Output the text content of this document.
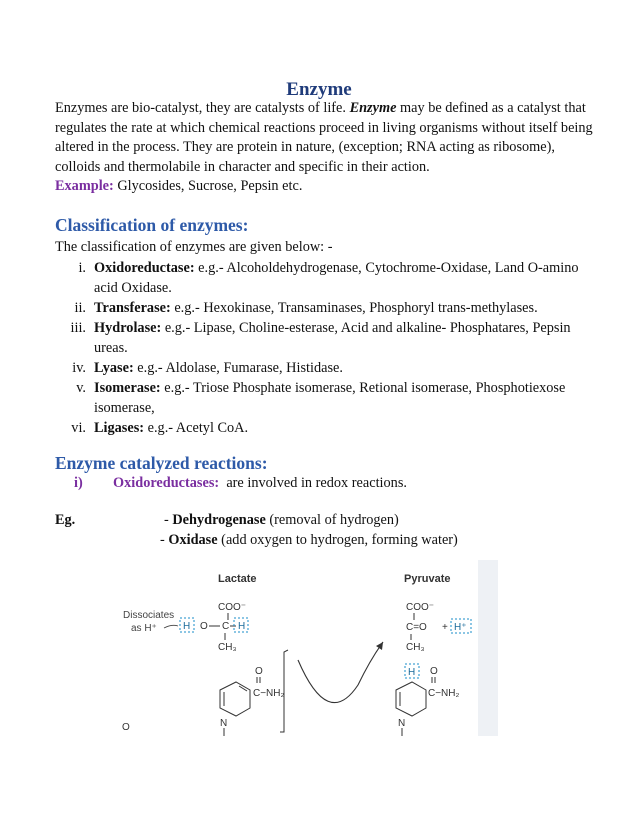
Enzyme
Enzymes are bio-catalyst, they are catalysts of life. Enzyme may be defined as a catalyst that regulates the rate at which chemical reactions proceed in living organisms without itself being altered in the process. They are protein in nature, (exception; RNA acting as ribosome), colloids and thermolabile in character and specific in their action.
Example: Glycosides, Sucrose, Pepsin etc.
Classification of enzymes:
The classification of enzymes are given below: -
i. Oxidoreductase: e.g.- Alcoholdehydrogenase, Cytochrome-Oxidase, Land O-amino acid Oxidase.
ii. Transferase: e.g.- Hexokinase, Transaminases, Phosphoryl trans-methylases.
iii. Hydrolase: e.g.- Lipase, Choline-esterase, Acid and alkaline- Phosphatares, Pepsin ureas.
iv. Lyase: e.g.- Aldolase, Fumarase, Histidase.
v. Isomerase: e.g.- Triose Phosphate isomerase, Retional isomerase, Phosphotiexose isomerase,
vi. Ligases: e.g.- Acetyl CoA.
Enzyme catalyzed reactions:
i) Oxidoreductases: are involved in redox reactions.
Eg.	- Dehydrogenase (removal of hydrogen)
- Oxidase (add oxygen to hydrogen, forming water)
Lactate
COO⁻
Dissociates
as H⁺	H O C H
CH₃
O
C−NH₂
N
Pyruvate
COO⁻
C=O + H⁺
CH₃
H O
C−NH₂
N
O
